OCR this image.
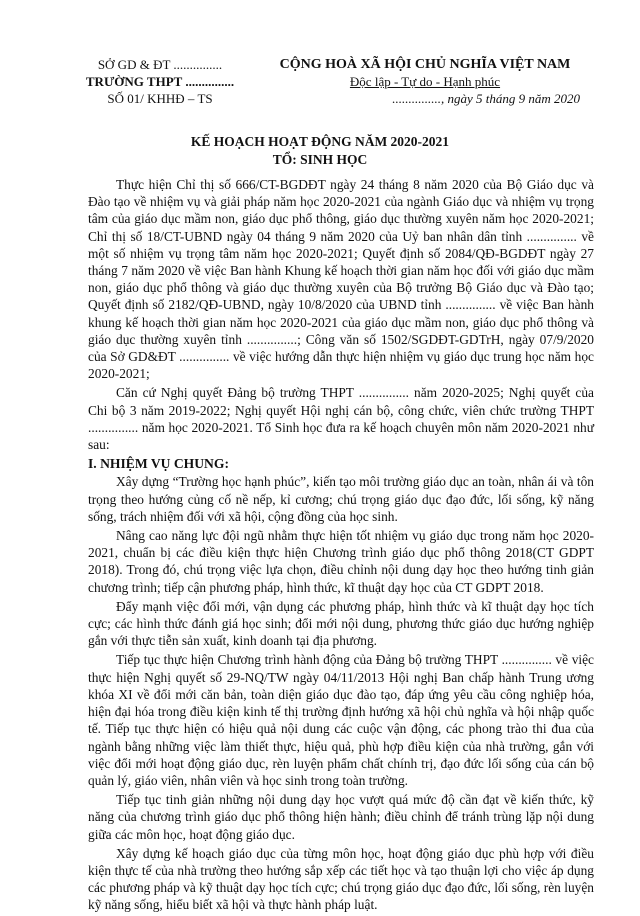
SỞ GD & ĐT ...............
TRƯỜNG THPT ...............
SỐ 01/ KHHĐ – TS
CỘNG HOÀ XÃ HỘI CHỦ NGHĨA VIỆT NAM
Độc lập - Tự do - Hạnh phúc
..............., ngày 5 tháng 9 năm 2020
KẾ HOẠCH HOẠT ĐỘNG NĂM 2020-2021
TỔ: SINH HỌC

Thực hiện Chỉ thị số 666/CT-BGDĐT ngày 24 tháng 8 năm 2020 của Bộ Giáo dục và Đào tạo về nhiệm vụ và giải pháp năm học 2020-2021 của ngành Giáo dục và nhiệm vụ trọng tâm của giáo dục mầm non, giáo dục phổ thông, giáo dục thường xuyên năm học 2020-2021; Chỉ thị số 18/CT-UBND ngày 04 tháng 9 năm 2020 của Uỷ ban nhân dân tỉnh ............... về một số nhiệm vụ trọng tâm năm học 2020-2021; Quyết định số 2084/QĐ-BGDĐT ngày 27 tháng 7 năm 2020 về việc Ban hành Khung kế hoạch thời gian năm học đối với giáo dục mầm non, giáo dục phổ thông và giáo dục thường xuyên của Bộ trưởng Bộ Giáo dục và Đào tạo; Quyết định số 2182/QĐ-UBND, ngày 10/8/2020 của UBND tỉnh ............... về việc Ban hành khung kế hoạch thời gian năm học 2020-2021 của giáo dục mầm non, giáo dục phổ thông và giáo dục thường xuyên tỉnh ...............; Công văn số 1502/SGDĐT-GDTrH, ngày 07/9/2020 của Sở GD&ĐT ............... về việc hướng dẫn thực hiện nhiệm vụ giáo dục trung học năm học 2020-2021;

Căn cứ Nghị quyết Đảng bộ trường THPT ............... năm 2020-2025; Nghị quyết của Chi bộ 3 năm 2019-2022; Nghị quyết Hội nghị cán bộ, công chức, viên chức trường THPT ............... năm học 2020-2021. Tổ Sinh học đưa ra kế hoạch chuyên môn năm 2020-2021 như sau:

I. NHIỆM VỤ CHUNG:

Xây dựng “Trường học hạnh phúc”, kiến tạo môi trường giáo dục an toàn, nhân ái và tôn trọng theo hướng củng cố nề nếp, kỉ cương; chú trọng giáo dục đạo đức, lối sống, kỹ năng sống, trách nhiệm đối với xã hội, cộng đồng của học sinh.

Nâng cao năng lực đội ngũ nhằm thực hiện tốt nhiệm vụ giáo dục trong năm học 2020-2021, chuẩn bị các điều kiện thực hiện Chương trình giáo dục phổ thông 2018(CT GDPT 2018). Trong đó, chú trọng việc lựa chọn, điều chỉnh nội dung dạy học theo hướng tinh giản chương trình; tiếp cận phương pháp, hình thức, kĩ thuật dạy học của CT GDPT 2018.

Đẩy mạnh việc đổi mới, vận dụng các phương pháp, hình thức và kĩ thuật dạy học tích cực; các hình thức đánh giá học sinh; đổi mới nội dung, phương thức giáo dục hướng nghiệp gắn với thực tiễn sản xuất, kinh doanh tại địa phương.

Tiếp tục thực hiện Chương trình hành động của Đảng bộ trường THPT ............... về việc thực hiện Nghị quyết số 29-NQ/TW ngày 04/11/2013 Hội nghị Ban chấp hành Trung ương khóa XI về đổi mới căn bản, toàn diện giáo dục đào tạo, đáp ứng yêu cầu công nghiệp hóa, hiện đại hóa trong điều kiện kinh tế thị trường định hướng xã hội chủ nghĩa và hội nhập quốc tế. Tiếp tục thực hiện có hiệu quả nội dung các cuộc vận động, các phong trào thi đua của ngành bằng những việc làm thiết thực, hiệu quả, phù hợp điều kiện của nhà trường, gắn với việc đổi mới hoạt động giáo dục, rèn luyện phẩm chất chính trị, đạo đức lối sống của cán bộ quản lý, giáo viên, nhân viên và học sinh trong toàn trường.

Tiếp tục tinh giản những nội dung dạy học vượt quá mức độ cần đạt về kiến thức, kỹ năng của chương trình giáo dục phổ thông hiện hành; điều chỉnh để tránh trùng lặp nội dung giữa các môn học, hoạt động giáo dục.

Xây dựng kế hoạch giáo dục của từng môn học, hoạt động giáo dục phù hợp với điều kiện thực tế của nhà trường theo hướng sắp xếp các tiết học và tạo thuận lợi cho việc áp dụng các phương pháp và kỹ thuật dạy học tích cực; chú trọng giáo dục đạo đức, lối sống, rèn luyện kỹ năng sống, hiểu biết xã hội và thực hành pháp luật.
